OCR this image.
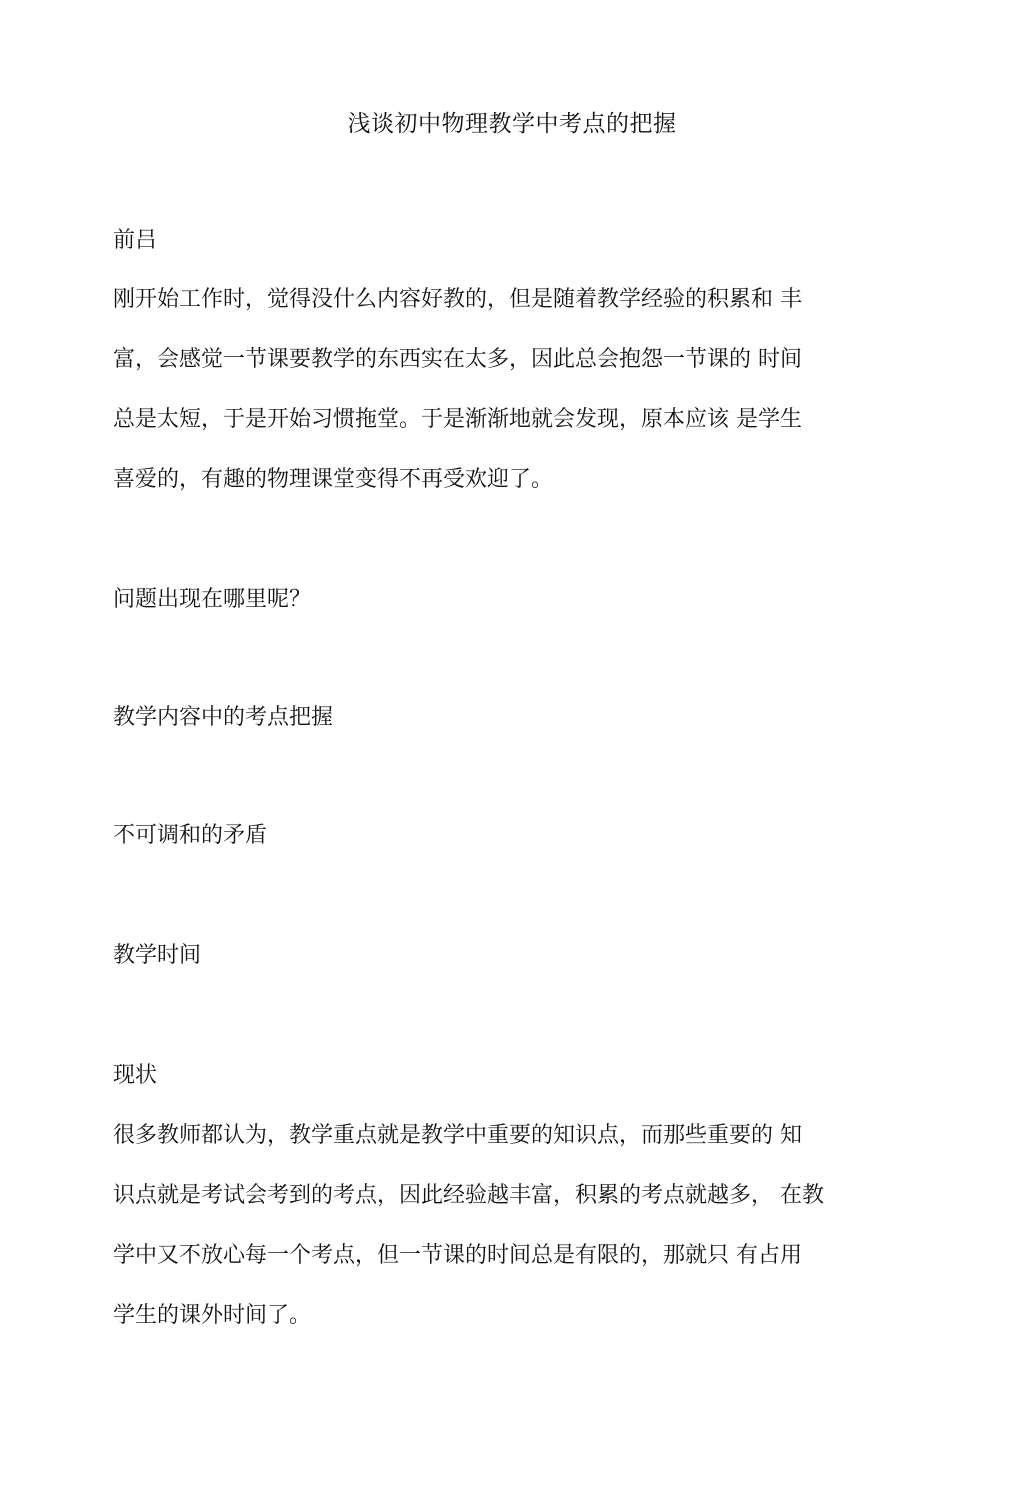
浅谈初中物理教学中考点的把握
前吕
刚开始工作时，觉得没什么内容好教的，但是随着教学经验的积累和 丰
富，会感觉一节课要教学的东西实在太多，因此总会抱怨一节课的 时间
总是太短，于是开始习惯拖堂。于是渐渐地就会发现，原本应该 是学生
喜爱的，有趣的物理课堂变得不再受欢迎了。
问题出现在哪里呢？
教学内容中的考点把握
不可调和的矛盾
教学时间
现状
很多教师都认为，教学重点就是教学中重要的知识点，而那些重要的 知
识点就是考试会考到的考点，因此经验越丰富，积累的考点就越多， 在教
学中又不放心每一个考点，但一节课的时间总是有限的，那就只 有占用
学生的课外时间了。
